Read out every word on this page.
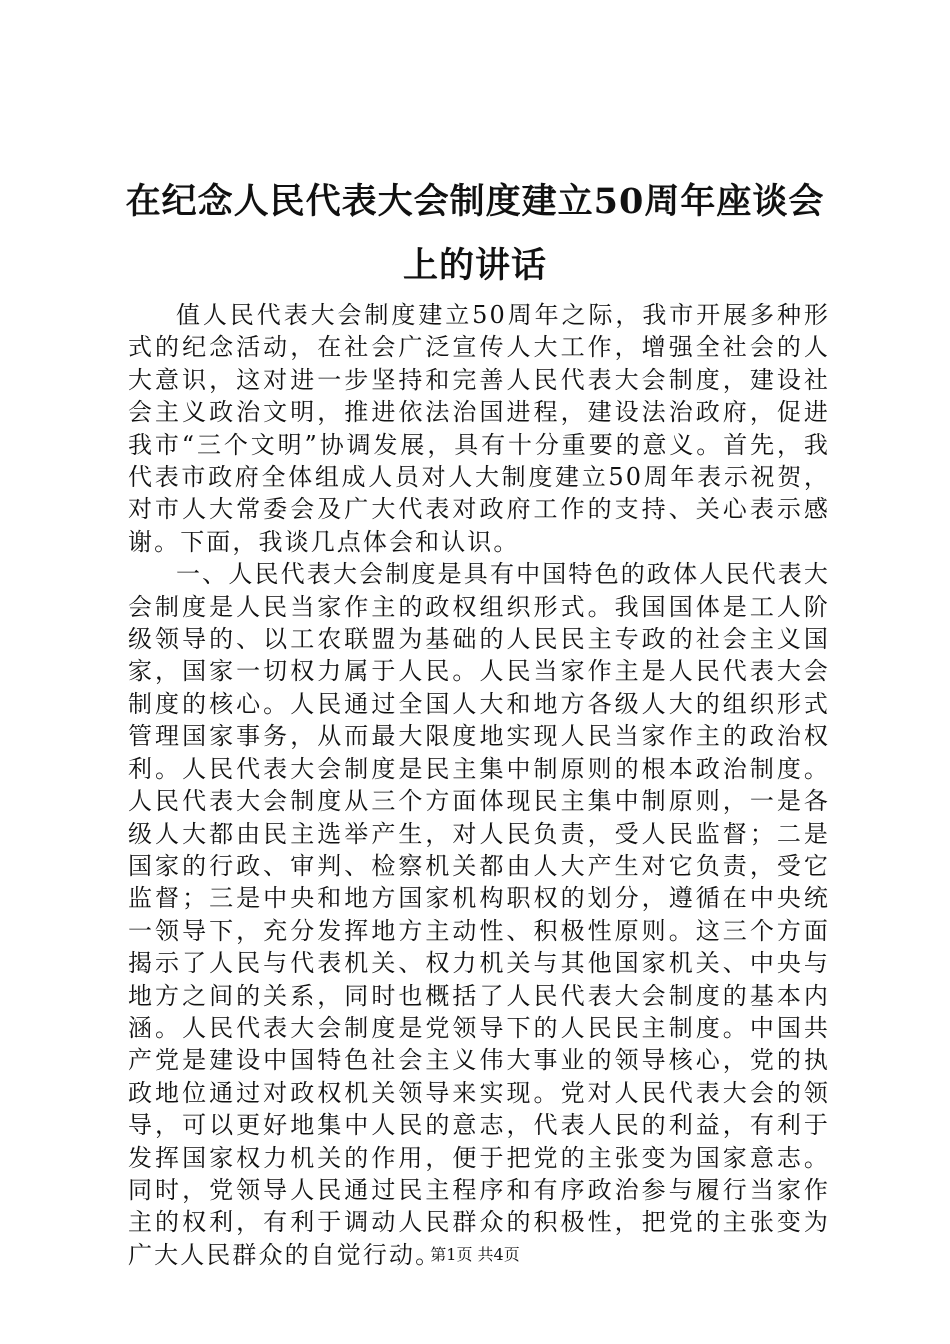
在纪念人民代表大会制度建立50周年座谈会上的讲话

值人民代表大会制度建立50周年之际，我市开展多种形式的纪念活动，在社会广泛宣传人大工作，增强全社会的人大意识，这对进一步坚持和完善人民代表大会制度，建设社会主义政治文明，推进依法治国进程，建设法治政府，促进我市“三个文明”协调发展，具有十分重要的意义。首先，我代表市政府全体组成人员对人大制度建立50周年表示祝贺，对市人大常委会及广大代表对政府工作的支持、关心表示感谢。下面，我谈几点体会和认识。

一、人民代表大会制度是具有中国特色的政体人民代表大会制度是人民当家作主的政权组织形式。我国国体是工人阶级领导的、以工农联盟为基础的人民民主专政的社会主义国家，国家一切权力属于人民。人民当家作主是人民代表大会制度的核心。人民通过全国人大和地方各级人大的组织形式管理国家事务，从而最大限度地实现人民当家作主的政治权利。人民代表大会制度是民主集中制原则的根本政治制度。人民代表大会制度从三个方面体现民主集中制原则，一是各级人大都由民主选举产生，对人民负责，受人民监督；二是国家的行政、审判、检察机关都由人大产生对它负责，受它监督；三是中央和地方国家机构职权的划分，遵循在中央统一领导下，充分发挥地方主动性、积极性原则。这三个方面揭示了人民与代表机关、权力机关与其他国家机关、中央与地方之间的关系，同时也概括了人民代表大会制度的基本内涵。人民代表大会制度是党领导下的人民民主制度。中国共产党是建设中国特色社会主义伟大事业的领导核心，党的执政地位通过对政权机关领导来实现。党对人民代表大会的领导，可以更好地集中人民的意志，代表人民的利益，有利于发挥国家权力机关的作用，便于把党的主张变为国家意志。同时，党领导人民通过民主程序和有序政治参与履行当家作主的权利，有利于调动人民群众的积极性，把党的主张变为广大人民群众的自觉行动。

第1页 共4页
